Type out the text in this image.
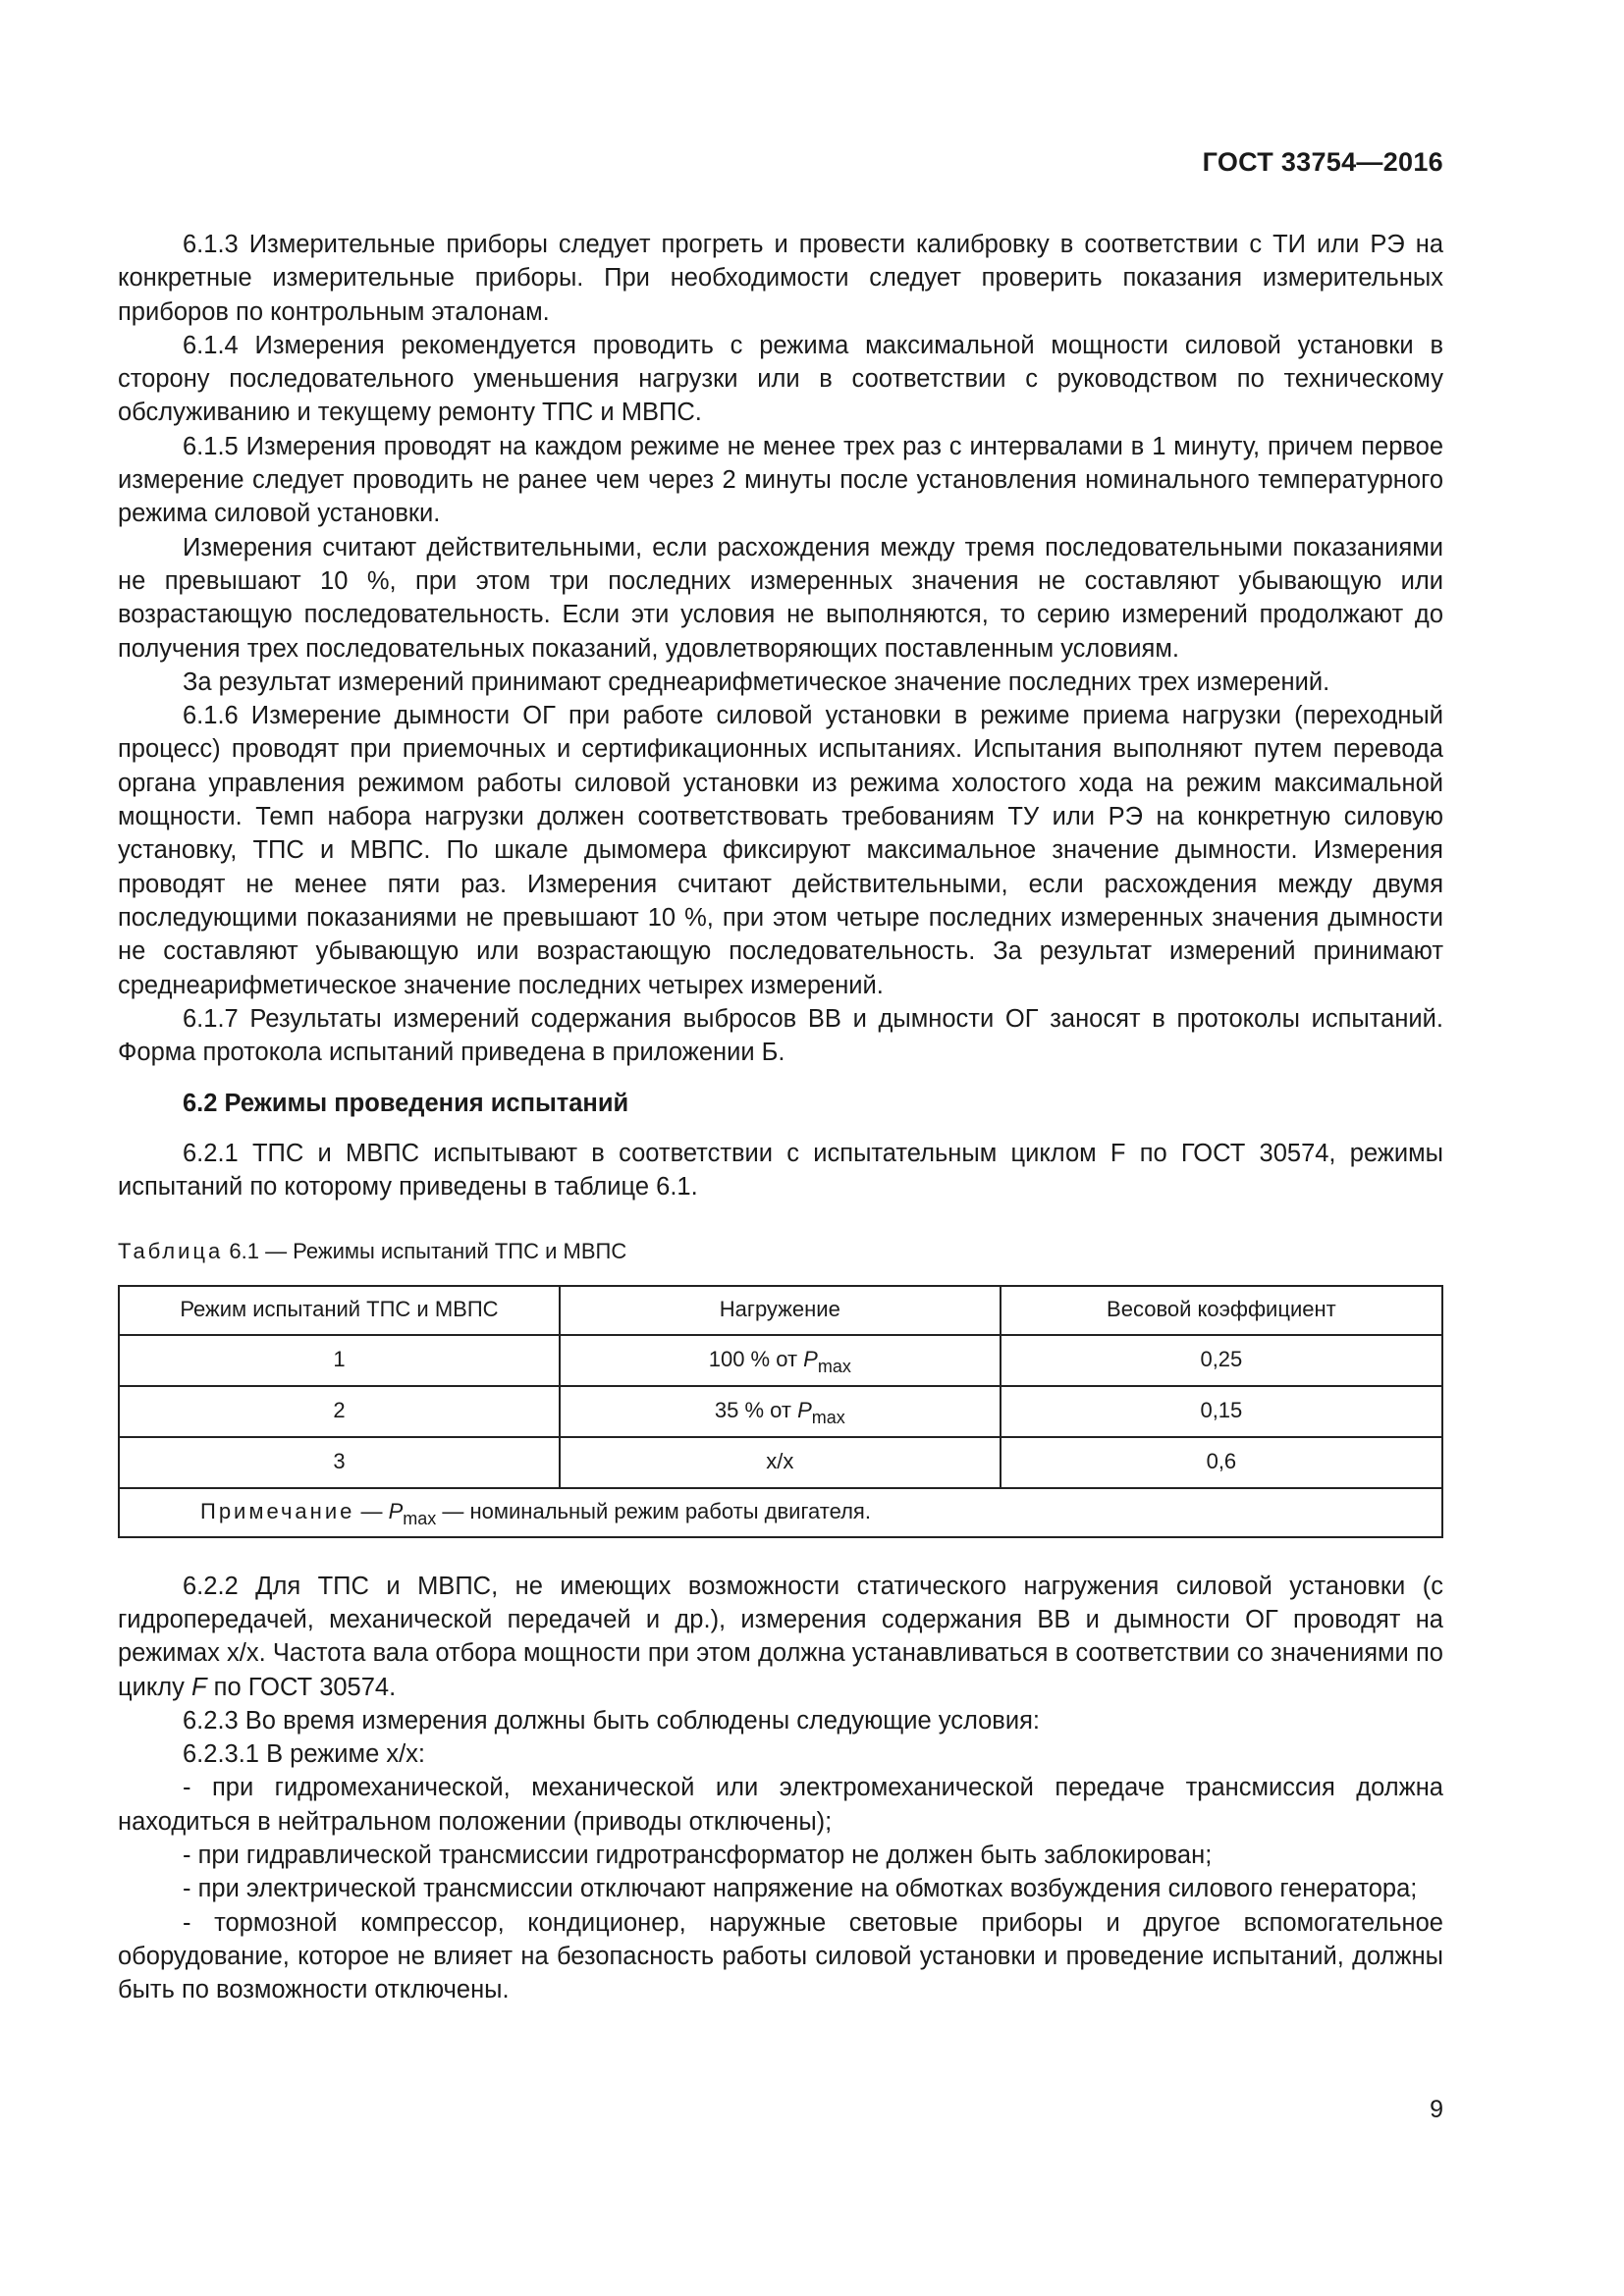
ГОСТ 33754—2016

6.1.3 Измерительные приборы следует прогреть и провести калибровку в соответствии с ТИ или РЭ на конкретные измерительные приборы. При необходимости следует проверить показания измерительных приборов по контрольным эталонам.

6.1.4 Измерения рекомендуется проводить с режима максимальной мощности силовой установки в сторону последовательного уменьшения нагрузки или в соответствии с руководством по техническому обслуживанию и текущему ремонту ТПС и МВПС.

6.1.5 Измерения проводят на каждом режиме не менее трех раз с интервалами в 1 минуту, причем первое измерение следует проводить не ранее чем через 2 минуты после установления номинального температурного режима силовой установки.

Измерения считают действительными, если расхождения между тремя последовательными показаниями не превышают 10 %, при этом три последних измеренных значения не составляют убывающую или возрастающую последовательность. Если эти условия не выполняются, то серию измерений продолжают до получения трех последовательных показаний, удовлетворяющих поставленным условиям.

За результат измерений принимают среднеарифметическое значение последних трех измерений.

6.1.6 Измерение дымности ОГ при работе силовой установки в режиме приема нагрузки (переходный процесс) проводят при приемочных и сертификационных испытаниях. Испытания выполняют путем перевода органа управления режимом работы силовой установки из режима холостого хода на режим максимальной мощности. Темп набора нагрузки должен соответствовать требованиям ТУ или РЭ на конкретную силовую установку, ТПС и МВПС. По шкале дымомера фиксируют максимальное значение дымности. Измерения проводят не менее пяти раз. Измерения считают действительными, если расхождения между двумя последующими показаниями не превышают 10 %, при этом четыре последних измеренных значения дымности не составляют убывающую или возрастающую последовательность. За результат измерений принимают среднеарифметическое значение последних четырех измерений.

6.1.7 Результаты измерений содержания выбросов ВВ и дымности ОГ заносят в протоколы испытаний. Форма протокола испытаний приведена в приложении Б.

6.2 Режимы проведения испытаний

6.2.1 ТПС и МВПС испытывают в соответствии с испытательным циклом F по ГОСТ 30574, режимы испытаний по которому приведены в таблице 6.1.

Таблица 6.1 — Режимы испытаний ТПС и МВПС

Режим испытаний ТПС и МВПС	Нагружение	Весовой коэффициент
1	100 % от $P_{max}$	0,25
2	35 % от $P_{max}$	0,15
3	х/х	0,6
Примечание — $P_{max}$ — номинальный режим работы двигателя.		

6.2.2 Для ТПС и МВПС, не имеющих возможности статического нагружения силовой установки (с гидропередачей, механической передачей и др.), измерения содержания ВВ и дымности ОГ проводят на режимах х/х. Частота вала отбора мощности при этом должна устанавливаться в соответствии со значениями по циклу F по ГОСТ 30574.

6.2.3 Во время измерения должны быть соблюдены следующие условия:

6.2.3.1 В режиме х/х:

- при гидромеханической, механической или электромеханической передаче трансмиссия должна находиться в нейтральном положении (приводы отключены);

- при гидравлической трансмиссии гидротрансформатор не должен быть заблокирован;

- при электрической трансмиссии отключают напряжение на обмотках возбуждения силового генератора;

- тормозной компрессор, кондиционер, наружные световые приборы и другое вспомогательное оборудование, которое не влияет на безопасность работы силовой установки и проведение испытаний, должны быть по возможности отключены.

9
